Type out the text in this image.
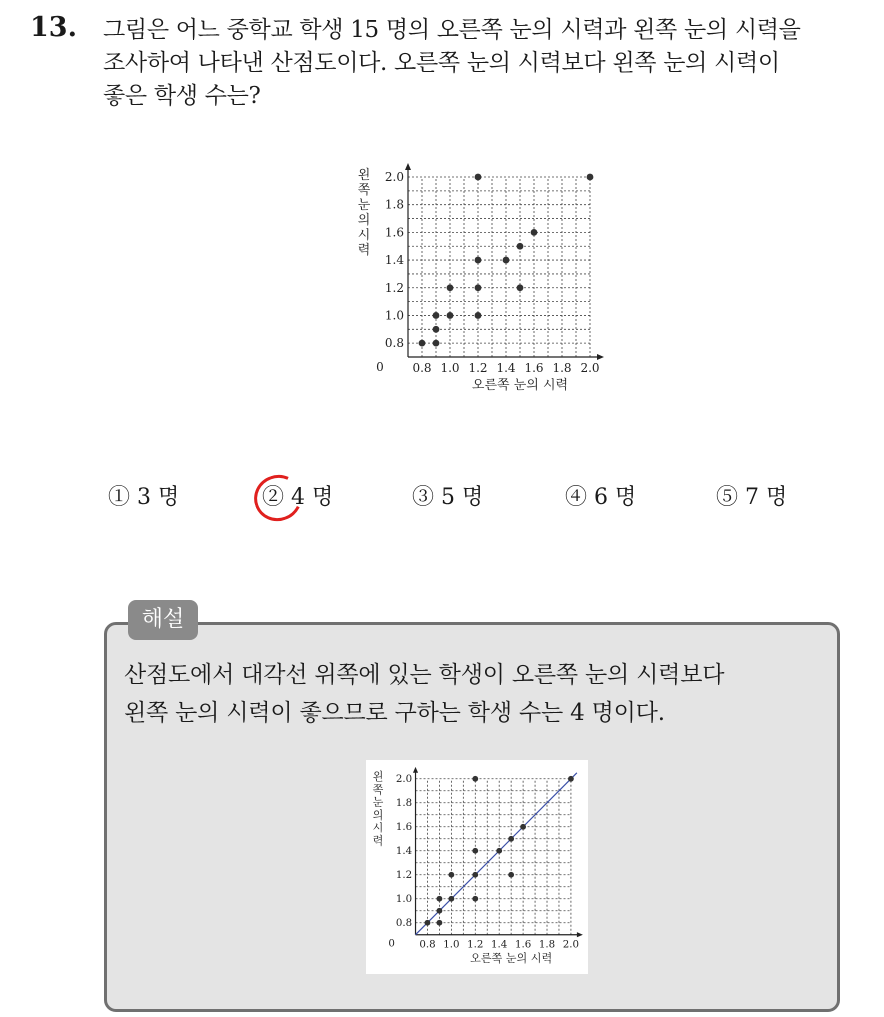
13. 그림은 어느 중학교 학생 15 명의 오른쪽 눈의 시력과 왼쪽 눈의 시력을
조사하여 나타낸 산점도이다. 오른쪽 눈의 시력보다 왼쪽 눈의 시력이
좋은 학생 수는?
0.8 1.0 1.2 1.4 1.6 1.8 2.0
0.8
1.0
1.2
1.4
1.6
1.8
2.0
0
오른쪽 눈의 시력
왼
쪽
눈
의
시
력
① 3 명	② 4 명	③ 5 명	④ 6 명	⑤ 7 명
해설
산점도에서 대각선 위쪽에 있는 학생이 오른쪽 눈의 시력보다
왼쪽 눈의 시력이 좋으므로 구하는 학생 수는 4 명이다.
0.8 1.0 1.2 1.4 1.6 1.8 2.0
0.8
1.0
1.2
1.4
1.6
1.8
2.0
0
오른쪽 눈의 시력
왼
쪽
눈
의
시
력
